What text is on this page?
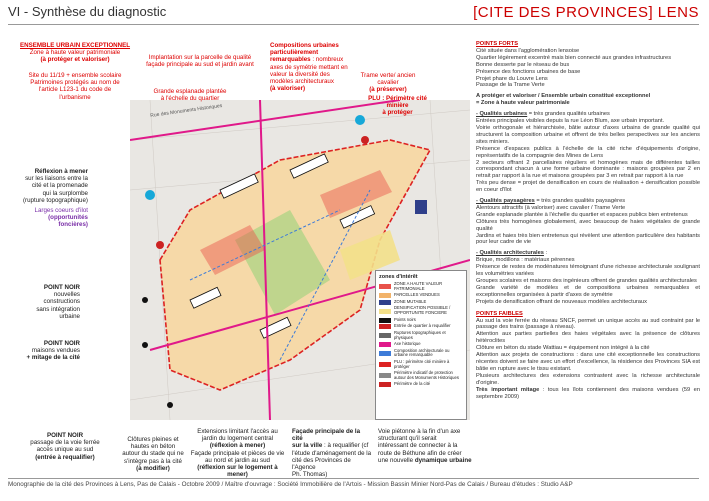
VI - Synthèse du diagnostic	[CITE DES PROVINCES] LENS
Rue des Monuments Historiques
zones d'intérêt
ZONE A HAUTE VALEUR PATRIMONIALE
PARCELLES VENDUES
ZONE MUTABLE
DENSIFICATION POSSIBLE / OPPORTUNITE FONCIERE
Points noirs
Entrée de quartier à requalifier
Ruptures topographiques et physiques
Axe historique
Composition architecturale ou urbaine remarquable
PLU : périmètre cité minière à protéger
Périmètre indicatif de protection autour des Monuments Historiques
Périmètre de la cité
ENSEMBLE URBAIN EXCEPTIONNEL
Zone à haute valeur patrimoniale
(à protéger et valoriser)
Site du 11/19 + ensemble scolaire
Patrimoines protégés au nom de
l'article L123-1 du code de
l'urbanisme
Implantation sur la parcelle de qualité
façade principale au sud et jardin avant
Grande esplanade plantée
à l'échelle du quartier
Compositions urbaines
particulièrement
remarquables : nombreux
axes de symétrie mettant en
valeur la diversité des
modèles architecturaux
(à valoriser)
Trame verte/ ancien cavalier
(à préserver)
PLU : Périmètre cité minière
à protéger
Réflexion à mener
sur les liaisons entre la
cité et la promenade
qui la surplombe
(rupture topographique)
Larges coeurs d'ilot
(opportunités
foncières)
POINT NOIR
nouvelles
constructions
sans intégration
urbaine
POINT NOIR
maisons vendues
+ mitage de la cité
POINT NOIR
passage de la voie ferrée
accès unique au sud
(entrée à requalifier)
Clôtures pleines et
hautes en béton
autour du stade qui ne
s'intègre pas à la cité
(à modifier)
Extensions limitant l'accès au
jardin du logement central
(réflexion à mener)
Façade principale et pièces de vie
au nord et jardin au sud
(réflexion sur le logement à mener)
Façade principale de la cité
sur la ville : à requalifier (cf
l'étude d'aménagement de la
cité des Provinces de l'Agence
Ph. Thomas)
Voie piétonne à la fin d'un axe
structurant qu'il serait
intéressant de connecter à la
route de Béthune afin de créer
une nouvelle dynamique urbaine
POINTS FORTS
Cité située dans l'agglomération lensoise
Quartier légèrement excentré mais bien connecté aux grandes infrastructures
Bonne desserte par le réseau de bus
Présence des fonctions urbaines de base
Projet phare du Louvre Lens
Passage de la Trame Verte
A protéger et valoriser / Ensemble urbain constitué exceptionnel
= Zone à haute valeur patrimoniale
- Qualités urbaines = très grandes qualités urbaines

Entrées principales visibles depuis la rue Léon Blum, axe urbain important.

Voirie orthogonale et hiérarchisée, bâtie autour d'axes urbains de grande qualité qui structurent la composition urbaine et offrent de très belles perspectives sur les anciens sites miniers.

Présence d'espaces publics à l'échelle de la cité riche d'équipements d'origine, représentatifs de la compagnie des Mines de Lens

2 secteurs offrant 2 parcellaires réguliers et homogènes mais de différentes tailles correspondant chacun à une forme urbaine dominante : maisons groupées par 2 en retrait par rapport à la rue et maisons groupées par 3 en retrait par rapport à la rue

Très peu dense = projet de densification en cours de réalisation + densification possible en coeur d'îlot

- Qualités paysagères = très grandes qualités paysagères

Alentours attractifs (à valoriser) avec cavalier / Trame Verte

Grande esplanade plantée à l'échelle du quartier et espaces publics bien entretenus

Clôtures très homogènes globalement, avec beaucoup de haies végétales de grande qualité

Jardins et haies très bien entretenus qui révèlent une attention particulière des habitants pour leur cadre de vie

- Qualités architecturales :

Brique, modillons : matériaux pérennes

Présence de restes de modénatures témoignant d'une richesse architecturale soulignant les volumétries variées

Groupes scolaires et maisons des ingénieurs offrent de grandes qualités architecturales

Grande variété de modèles et de compositions urbaines remarquables et exceptionnelles organisées à partir d'axes de symétrie

Projets de densification offrant de nouveaux modèles architecturaux

POINTS FAIBLES

Au sud la voie ferrée du réseau SNCF, permet un unique accès au sud contraint par le passage des trains (passage à niveau).

Attention aux parties partielles des haies végétales avec la présence de clôtures hétéroclites

Clôture en béton du stade Wattiau = équipement non intégré à la cité

Attention aux projets de constructions : dans une cité exceptionnelle les constructions récentes doivent se faire avec un effort d'excellence, la résidence des Provinces SIA est bâtie en rupture avec le tissu existant.

Plusieurs architectures des extensions contrastent avec la richesse architecturale d'origine.

Très important mitage : tous les îlots contiennent des maisons vendues (59 en septembre 2009)

Monographie de la cité des Provinces à Lens, Pas de Calais - Octobre 2009 / Maître d'ouvrage : Société Immobilière de l'Artois - Mission Bassin Minier Nord-Pas de Calais / Bureau d'études : Studio A&P
